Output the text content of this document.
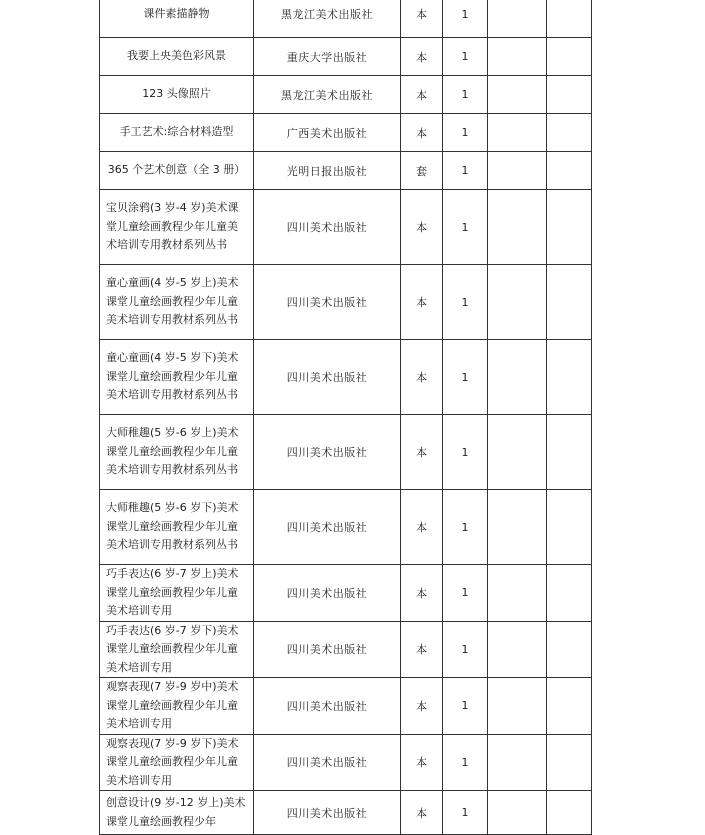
课件素描静物	黑龙江美术出版社	本	1		
我要上央美色彩风景	重庆大学出版社	本	1		
123 头像照片	黑龙江美术出版社	本	1		
手工艺术:综合材料造型	广西美术出版社	本	1		
365 个艺术创意（全 3 册）	光明日报出版社	套	1		
宝贝涂鸦(3 岁-4 岁)美术课堂儿童绘画教程少年儿童美术培训专用教材系列丛书	四川美术出版社	本	1		
童心童画(4 岁-5 岁上)美术课堂儿童绘画教程少年儿童美术培训专用教材系列丛书	四川美术出版社	本	1		
童心童画(4 岁-5 岁下)美术课堂儿童绘画教程少年儿童美术培训专用教材系列丛书	四川美术出版社	本	1		
大师稚趣(5 岁-6 岁上)美术课堂儿童绘画教程少年儿童美术培训专用教材系列丛书	四川美术出版社	本	1		
大师稚趣(5 岁-6 岁下)美术课堂儿童绘画教程少年儿童美术培训专用教材系列丛书	四川美术出版社	本	1		
巧手表达(6 岁-7 岁上)美术课堂儿童绘画教程少年儿童美术培训专用	四川美术出版社	本	1		
巧手表达(6 岁-7 岁下)美术课堂儿童绘画教程少年儿童美术培训专用	四川美术出版社	本	1		
观察表现(7 岁-9 岁中)美术课堂儿童绘画教程少年儿童美术培训专用	四川美术出版社	本	1		
观察表现(7 岁-9 岁下)美术课堂儿童绘画教程少年儿童美术培训专用	四川美术出版社	本	1		
创意设计(9 岁-12 岁上)美术课堂儿童绘画教程少年	四川美术出版社	本	1		
